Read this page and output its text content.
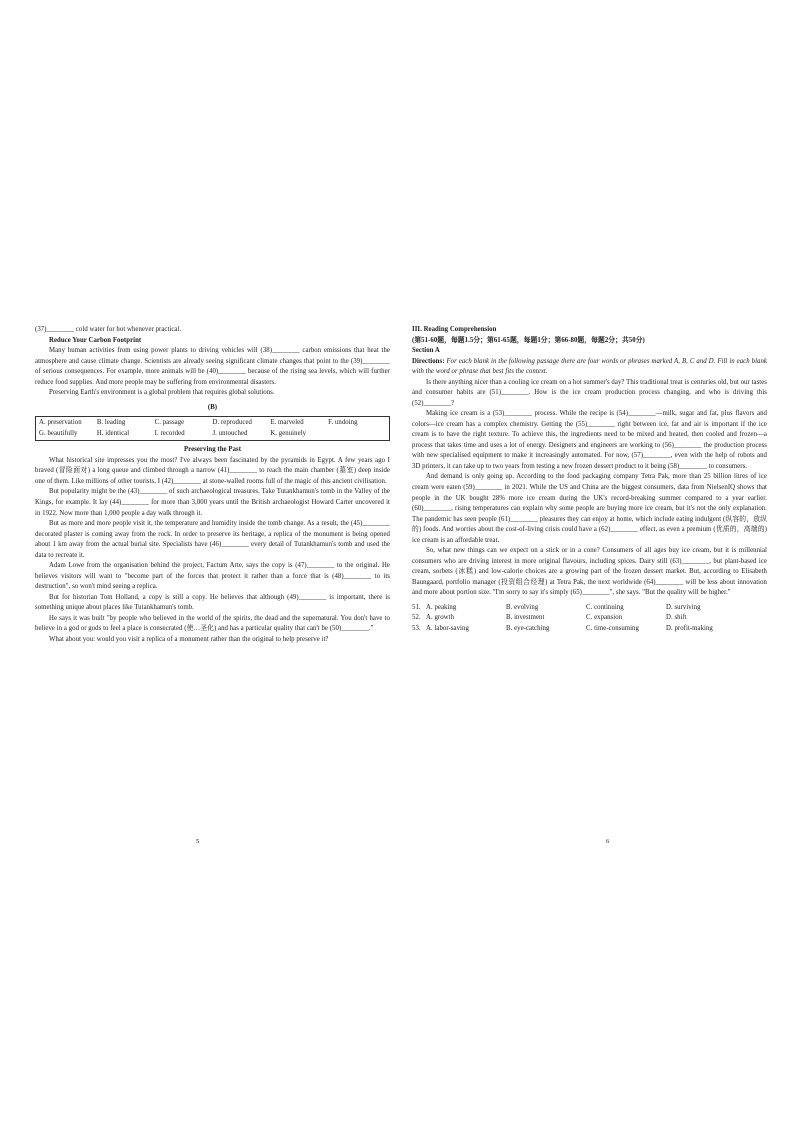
(37)________ cold water for hot whenever practical.

Reduce Your Carbon Footprint

Many human activities from using power plants to driving vehicles will (38)________ carbon emissions that heat the atmosphere and cause climate change. Scientists are already seeing significant climate changes that point to the (39)________ of serious consequences. For example, more animals will be (40)________ because of the rising sea levels, which will further reduce food supplies. And more people may be suffering from environmental disasters.

Preserving Earth's environment is a global problem that requires global solutions.

(B)

A. preservation	B. leading	C. passage	D. reproduced	E. marveled	F. undoing
G. beautifully	H. identical	I. recorded	J. untouched	K. genuinely

Preserving the Past

What historical site impresses you the most? I've always been fascinated by the pyramids in Egypt. A few years ago I braved (冒险面对) a long queue and climbed through a narrow (41)________ to reach the main chamber (墓室) deep inside one of them. Like millions of other tourists, I (42)________ at stone-walled rooms full of the magic of this ancient civilisation.

But popularity might be the (43)________ of such archaeological treasures. Take Tutankhamun's tomb in the Valley of the Kings, for example. It lay (44)________ for more than 3,000 years until the British archaeologist Howard Carter uncovered it in 1922. Now more than 1,000 people a day walk through it.

But as more and more people visit it, the temperature and humidity inside the tomb change. As a result, the (45)________ decorated plaster is coming away from the rock. In order to preserve its heritage, a replica of the monument is being opened about 1 km away from the actual burial site. Specialists have (46)________ every detail of Tutankhamun's tomb and used the data to recreate it.

Adam Lowe from the organisation behind the project, Factum Arte, says the copy is (47)________ to the original. He believes visitors will want to "become part of the forces that protect it rather than a force that is (48)________ to its destruction", so won't mind seeing a replica.

But for historian Tom Holland, a copy is still a copy. He believes that although (49)________ is important, there is something unique about places like Tutankhamun's tomb.

He says it was built "by people who believed in the world of the spirits, the dead and the supernatural. You don't have to believe in a god or gods to feel a place is consecrated (使…圣化) and has a particular quality that can't be (50)________."

What about you: would you visit a replica of a monument rather than the original to help preserve it?

5

III. Reading Comprehension

(第51-60题，每题1.5分；第61-65题，每题1分；第66-80题，每题2分；共50分)

Section A

Directions: For each blank in the following passage there are four words or phrases marked A, B, C and D. Fill in each blank with the word or phrase that best fits the context.

Is there anything nicer than a cooling ice cream on a hot summer's day? This traditional treat is centuries old, but our tastes and consumer habits are (51)________. How is the ice cream production process changing, and who is driving this (52)________?

Making ice cream is a (53)________ process. While the recipe is (54)________—milk, sugar and fat, plus flavors and colors—ice cream has a complex chemistry. Getting the (55)________ right between ice, fat and air is important if the ice cream is to have the right texture. To achieve this, the ingredients need to be mixed and heated, then cooled and frozen—a process that takes time and uses a lot of energy. Designers and engineers are working to (56)________ the production process with new specialised equipment to make it increasingly automated. For now, (57)________, even with the help of robots and 3D printers, it can take up to two years from testing a new frozen dessert product to it being (58)________ to consumers.

And demand is only going up. According to the food packaging company Tetra Pak, more than 25 billion litres of ice cream were eaten (59)________ in 2021. While the US and China are the biggest consumers, data from NielsenIQ shows that people in the UK bought 28% more ice cream during the UK's record-breaking summer compared to a year earlier. (60)________, rising temperatures can explain why some people are buying more ice cream, but it's not the only explanation. The pandemic has seen people (61)________ pleasures they can enjoy at home, which include eating indulgent (纵容的，放纵的) foods. And worries about the cost-of-living crisis could have a (62)________ effect, as even a premium (优质的，高端的) ice cream is an affordable treat.

So, what new things can we expect on a stick or in a cone? Consumers of all ages buy ice cream, but it is millennial consumers who are driving interest in more original flavours, including spices. Dairy still (63)________, but plant-based ice cream, sorbets (冰糕) and low-calorie choices are a growing part of the frozen dessert market. But, according to Elisabeth Baungaard, portfolio manager (投资组合经理) at Tetra Pak, the next worldwide (64)________ will be less about innovation and more about portion size. "I'm sorry to say it's simply (65)________", she says. "But the quality will be higher."

51. A. peaking	B. evolving	C. continuing	D. surviving
52. A. growth	B. investment	C. expansion	D. shift
53. A. labor-saving	B. eye-catching	C. time-consuming	D. profit-making
6
